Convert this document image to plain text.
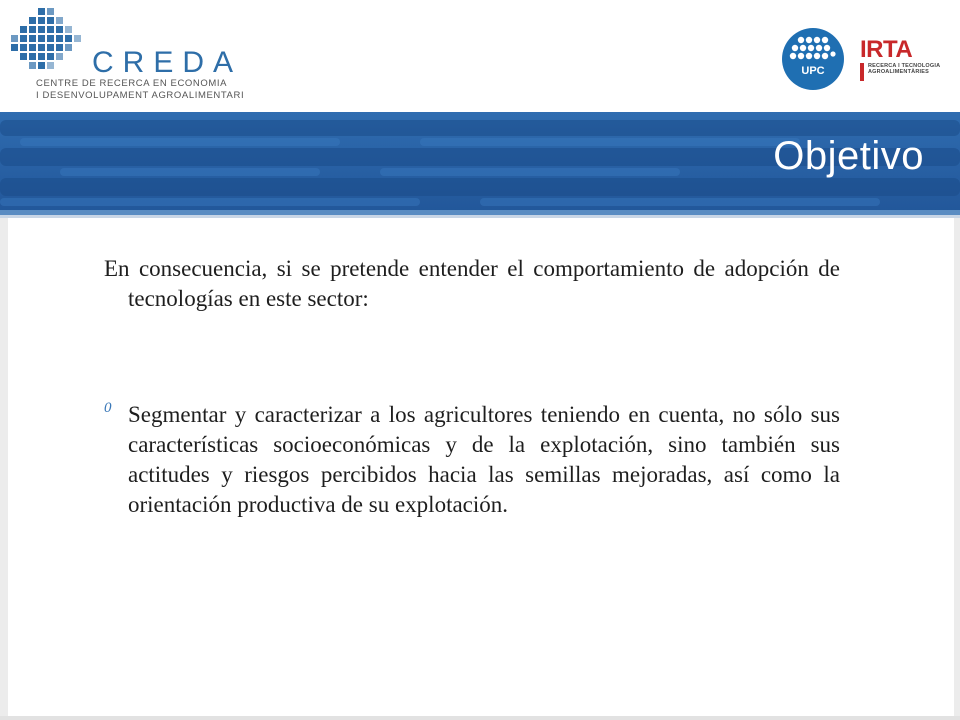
CREDA
CENTRE DE RECERCA EN ECONOMIA
I DESENVOLUPAMENT AGROALIMENTARI
UPC
IRTA
RECERCA I TECNOLOGIA
AGROALIMENTÀRIES
Objetivo

En consecuencia, si se pretende entender el comportamiento de adopción de tecnologías en este sector:

0 Segmentar y caracterizar a los agricultores teniendo en cuenta, no sólo sus características socioeconómicas y de la explotación, sino también sus actitudes y riesgos percibidos hacia las semillas mejoradas, así como la orientación productiva de su explotación.
